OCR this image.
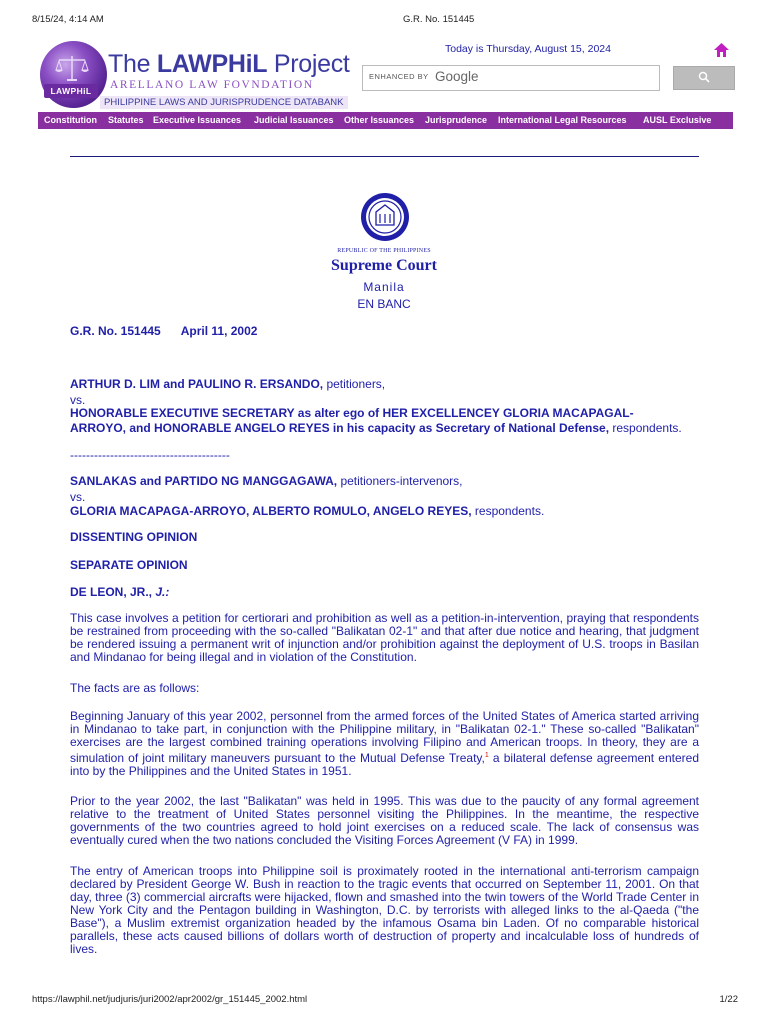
8/15/24, 4:14 AM	G.R. No. 151445
LAWPHiL
The LAWPHiL Project
ARELLANO LAW FOVNDATION
PHILIPPINE LAWS AND JURISPRUDENCE DATABANK
Today is Thursday, August 15, 2024
ENHANCED BY Google
Constitution Statutes Executive Issuances Judicial Issuances Other Issuances Jurisprudence International Legal Resources AUSL Exclusive
REPUBLIC OF THE PHILIPPINES
Supreme Court
Manila
EN BANC
G.R. No. 151445 April 11, 2002
ARTHUR D. LIM and PAULINO R. ERSANDO, petitioners,
vs.
HONORABLE EXECUTIVE SECRETARY as alter ego of HER EXCELLENCEY GLORIA MACAPAGAL-
ARROYO, and HONORABLE ANGELO REYES in his capacity as Secretary of National Defense, respondents.
----------------------------------------
SANLAKAS and PARTIDO NG MANGGAGAWA, petitioners-intervenors,
vs.
GLORIA MACAPAGA-ARROYO, ALBERTO ROMULO, ANGELO REYES, respondents.
DISSENTING OPINION
SEPARATE OPINION
DE LEON, JR., J.:
This case involves a petition for certiorari and prohibition as well as a petition-in-intervention, praying that respondents be restrained from proceeding with the so-called "Balikatan 02-1" and that after due notice and hearing, that judgment be rendered issuing a permanent writ of injunction and/or prohibition against the deployment of U.S. troops in Basilan and Mindanao for being illegal and in violation of the Constitution.
The facts are as follows:
Beginning January of this year 2002, personnel from the armed forces of the United States of America started arriving in Mindanao to take part, in conjunction with the Philippine military, in "Balikatan 02-1." These so-called "Balikatan" exercises are the largest combined training operations involving Filipino and American troops. In theory, they are a simulation of joint military maneuvers pursuant to the Mutual Defense Treaty,$^1$ a bilateral defense agreement entered into by the Philippines and the United States in 1951.
Prior to the year 2002, the last "Balikatan" was held in 1995. This was due to the paucity of any formal agreement relative to the treatment of United States personnel visiting the Philippines. In the meantime, the respective governments of the two countries agreed to hold joint exercises on a reduced scale. The lack of consensus was eventually cured when the two nations concluded the Visiting Forces Agreement (V FA) in 1999.
The entry of American troops into Philippine soil is proximately rooted in the international anti-terrorism campaign declared by President George W. Bush in reaction to the tragic events that occurred on September 11, 2001. On that day, three (3) commercial aircrafts were hijacked, flown and smashed into the twin towers of the World Trade Center in New York City and the Pentagon building in Washington, D.C. by terrorists with alleged links to the al-Qaeda ("the Base"), a Muslim extremist organization headed by the infamous Osama bin Laden. Of no comparable historical parallels, these acts caused billions of dollars worth of destruction of property and incalculable loss of hundreds of lives.
https://lawphil.net/judjuris/juri2002/apr2002/gr_151445_2002.html	1/22
